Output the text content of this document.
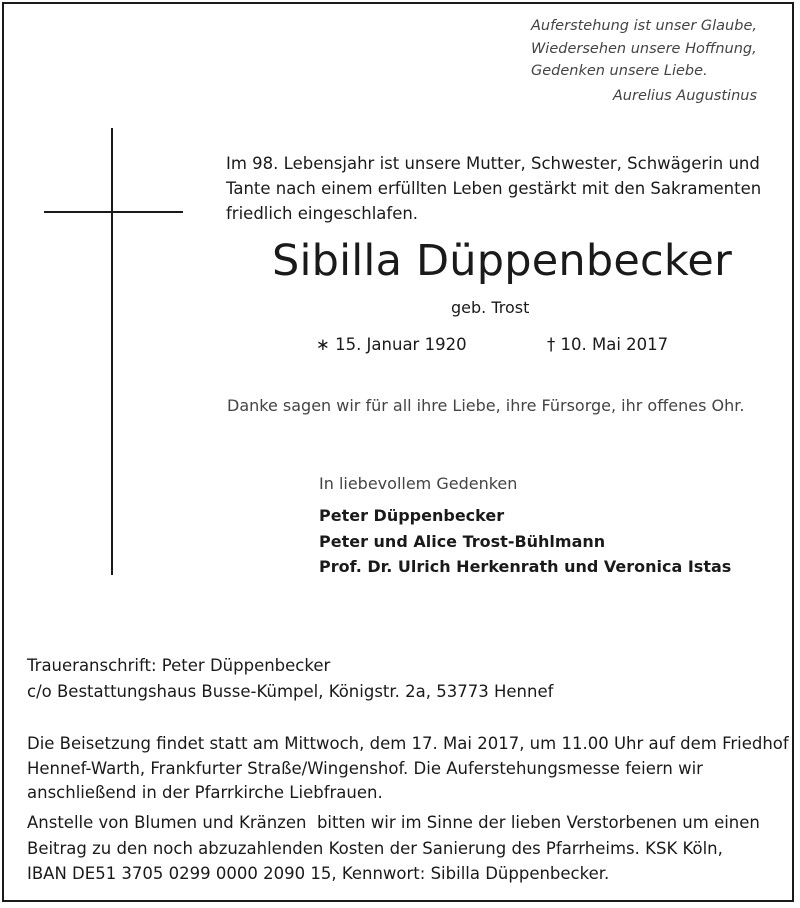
Auferstehung ist unser Glaube,
Wiedersehen unsere Hoffnung,
Gedenken unsere Liebe.
Aurelius Augustinus
Im 98. Lebensjahr ist unsere Mutter, Schwester, Schwägerin und
Tante nach einem erfüllten Leben gestärkt mit den Sakramenten
friedlich eingeschlafen.
Sibilla Düppenbecker
geb. Trost
∗ 15. Januar 1920	† 10. Mai 2017
Danke sagen wir für all ihre Liebe, ihre Fürsorge, ihr offenes Ohr.
In liebevollem Gedenken
Peter Düppenbecker
Peter und Alice Trost-Bühlmann
Prof. Dr. Ulrich Herkenrath und Veronica Istas
Traueranschrift: Peter Düppenbecker
c/o Bestattungshaus Busse-Kümpel, Königstr. 2a, 53773 Hennef
Die Beisetzung findet statt am Mittwoch, dem 17. Mai 2017, um 11.00 Uhr auf dem Friedhof
Hennef-Warth, Frankfurter Straße/Wingenshof. Die Auferstehungsmesse feiern wir
anschließend in der Pfarrkirche Liebfrauen.
Anstelle von Blumen und Kränzen  bitten wir im Sinne der lieben Verstorbenen um einen
Beitrag zu den noch abzuzahlenden Kosten der Sanierung des Pfarrheims. KSK Köln,
IBAN DE51 3705 0299 0000 2090 15, Kennwort: Sibilla Düppenbecker.
